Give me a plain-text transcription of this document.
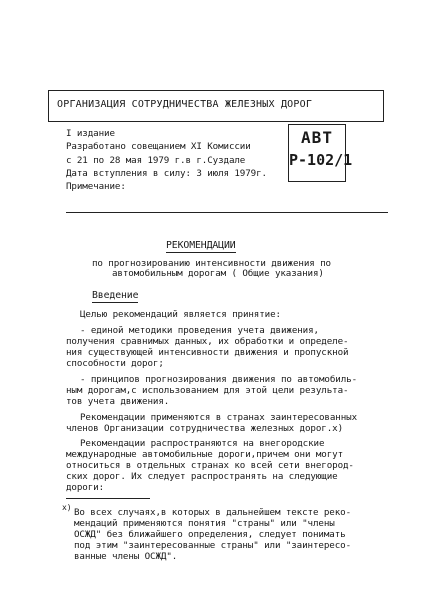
ОРГАНИЗАЦИЯ СОТРУДНИЧЕСТВА ЖЕЛЕЗНЫХ ДОРОГ
АВТ
Р-102/1
I издание
Разработано совещанием XI Комиссии
с 21 по 28 мая 1979 г.в г.Суздале
Дата вступления в силу: 3 июля 1979г.
Примечание:
РЕКОМЕНДАЦИИ
по прогнозированию интенсивности движения по
автомобильным дорогам ( Общие указания)
Введение
Целью рекомендаций является принятие:
- единой методики проведения учета движения,
получения сравнимых данных, их обработки и определе-
ния существующей интенсивности движения и пропускной
способности дорог;
- принципов прогнозирования движения по автомобиль-
ным дорогам,с использованием для этой цели результа-
тов учета движения.
Рекомендации применяются в странах заинтересованных
членов Организации сотрудничества железных дорог.x)
Рекомендации распространяются на внегородские
международные автомобильные дороги,причем они могут
относиться в отдельных странах ко всей сети внегород-
ских дорог. Их следует распространять на следующие
дороги:
x) Во всех случаях,в которых в дальнейшем тексте реко-
мендаций применяются понятия "страны" или "члены
ОСЖД" без ближайшего определения, следует понимать
под этим "заинтересованные страны" или "заинтересо-
ванные члены ОСЖД".
